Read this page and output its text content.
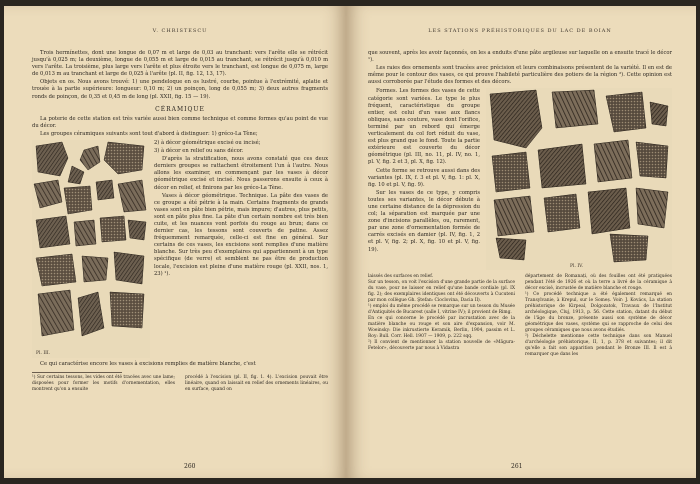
V. CHRISTESCU

Trois hermínettes, dont une longue de 0,07 m et large de 0,03 au tranchant: vers l'arête elle se rétrécit jusqu'à 0,025 m; la deuxième, longue de 0,055 m et large de 0,015 au tranchant, se rétrécit jusqu'à 0,010 m vers l'arête. La troisième, plus large vers l'arête et plus étroite vers le tranchant, est longue de 0,075 m, large de 0,013 m au tranchant et large de 0,025 à l'arête (pl. II, fig. 12, 13, 17).

Objets en os. Nous avons trouvé: 1) une pendeloque en os lustré, courbe, pointue à l'extrémité, aplatie et trouée à la partie supérieure: longueur: 0,10 m; 2) un poinçon, long de 0,055 m; 3) deux autres fragments ronds de poinçon, de 0,35 et 0,45 m de long (pl. XXII, fig. 15 — 19).

CÉRAMIQUE

La poterie de cette station est très variée aussi bien comme technique et comme formes qu'au point de vue du décor.

Les groupes céramiques suivants sont tout d'abord à distinguer: 1) gréco-La Tène;

Pl. III.

2) à décor géométrique excisé ou incisé;

3) à décor en relief ou sans décor.

D'après la stratification, nous avons constaté que ces deux derniers groupes se rattachent étroitement l'un à l'autre. Nous allons les examiner, en commençant par les vases à décor géométrique excisé et incisé. Nous passerons ensuite à ceux à décor en relief, et finirons par les gréco-La Tène.

Vases à décor géométrique. Technique. La pâte des vases de ce groupe a été pétrie à la main. Certains fragments de grands vases sont en pâte bien pétrie, mais impure; d'autres, plus petits, sont en pâte plus fine. La pâte d'un certain nombre est très bien cuite, et les nuances vont porfois du rouge au brun; dans ce dernier cas, les tessons sont couverts de patine. Assez fréquemment remarquée, celle-ci est fine en général. Sur certains de ces vases, les excisions sont remplies d'une matière blanche. Sur très peu d'exemplaires qui appartiennent à un type spécifique (de verre) et semblent ne pas être de production locale, l'excision est pleine d'une matière rouge (pl. XXII, nos. 1, 23) ¹).

Ce qui caractérise encore les vases à excisions remplies de matière blanche, c'est

¹) Sur certains tessons, les vides ont été tracées avec une lame; disposées pour former les motifs d'ornementation, elles montrent qu'on a ensuite

procédé à l'excision (pl. II, fig. 1. 4). L'excision pouvait être linéaire, quand on laissait en relief des ornements linéaires, ou en surface, quand on

260
LES STATIONS PRÉHISTORIQUES DU LAC DE BOIAN

que souvent, après les avoir façonnés, on les a enduits d'une pâte argileuse sur laquelle on a ensuite tracé le décor ¹).

Les raies des ornements sont tracées avec précision et leurs combinaisons présentent de la variété. Il en est de même pour le contour des vases, ce qui prouve l'habileté particulière des potiers de la région ²). Cette opinion est aussi corroborée par l'étude des formes et des décors.

Formes. Les formes des vases de cette catégorie sont variées. Le type le plus fréquent, caractéristique du groupe entier, est celui d'un vase aux flancs obliques, sans couture, vase dont l'orifice, terminé par un rebord qui émerge verticalement du col fort réduit du vase, est plus grand que le fond. Toute la partie extérieure est couverte du décor géométrique (pl. III, no. 11, pl. IV, no. 1, pl. V, fig. 2 et 3, pl. X, fig. 12).

Cette forme se retrouve aussi dans des variantes (pl. IX, f. 3 et pl. V, fig. 1: pl. X, fig. 10 et pl. V, fig. 9).

Sur les vases de ce type, y compris toutes ses variantes, le décor débute à une certaine distance de la dépression du col; la séparation est marquée par une zone d'incisions parallèles, ou, rarement, par une zone d'ornementation formée de carrés excisés en damier (pl. IV, fig. 1, 2 et pl. V, fig. 2; pl. X, fig. 10 et pl. V, fig. 19).

Pl. IV.

laissés des surfaces en relief.

Sur un tesson, on voit l'excision d'une grande partie de la surface du vase, pour ne laisser en relief qu'une bande cordiale (pl. IX fig. 2); des exemplaires identiques ont été découverts à Cucuteni par mon collègue Gh. Ştefan: Cioclovina, Dacia II).

¹) emploi du même procédé se remarque sur un tesson du Musée d'Antiquités de Bucarest (salle I, vitrine IV); il provient de Rimg.

En ce qui concerne le procédé par incrustation avec de la matière blanche ou rouge et son aire d'expansion, voir M. Woeinsky: Die inkrustierte Keramik, Berlin, 1904, passim et L. Roy: Bull. Corr. Hell. 1907 — 1909, p. 222 sqq.

²) Il convient de mentionner la station nouvelle de «Măgura-Fetelor», découverte par nous à Vidastra

département de Romanați, où des fouilles ont été pratiquées pendant l'été de 1926 et où la terre a livré de la céramique à décor excisé, incrustée de matière blanche et rouge.

¹) Ce procédé technique a été également remarqué en Transylvanie, à Krepul, sur le Someș. Voir: J. Kovács, La station préhistorique de Kirpeal, Dolgozatok, Travaux de l'Institut archéologique, Cluj, 1913, p. 56. Cette station, datant du début de l'âge du bronze, présente aussi son système de décor géométrique des vases, système qui se rapproche de celui des groupes céramiques que nous avons étudiés.

²) Déchelette mentionne cette technique dans son Manuel d'archéologie préhistorique, II, 1, p. 378 et suivantes; il dit qu'elle a fait son apparition pendant le Bronze III. Il est à remarquer que dans les

261
